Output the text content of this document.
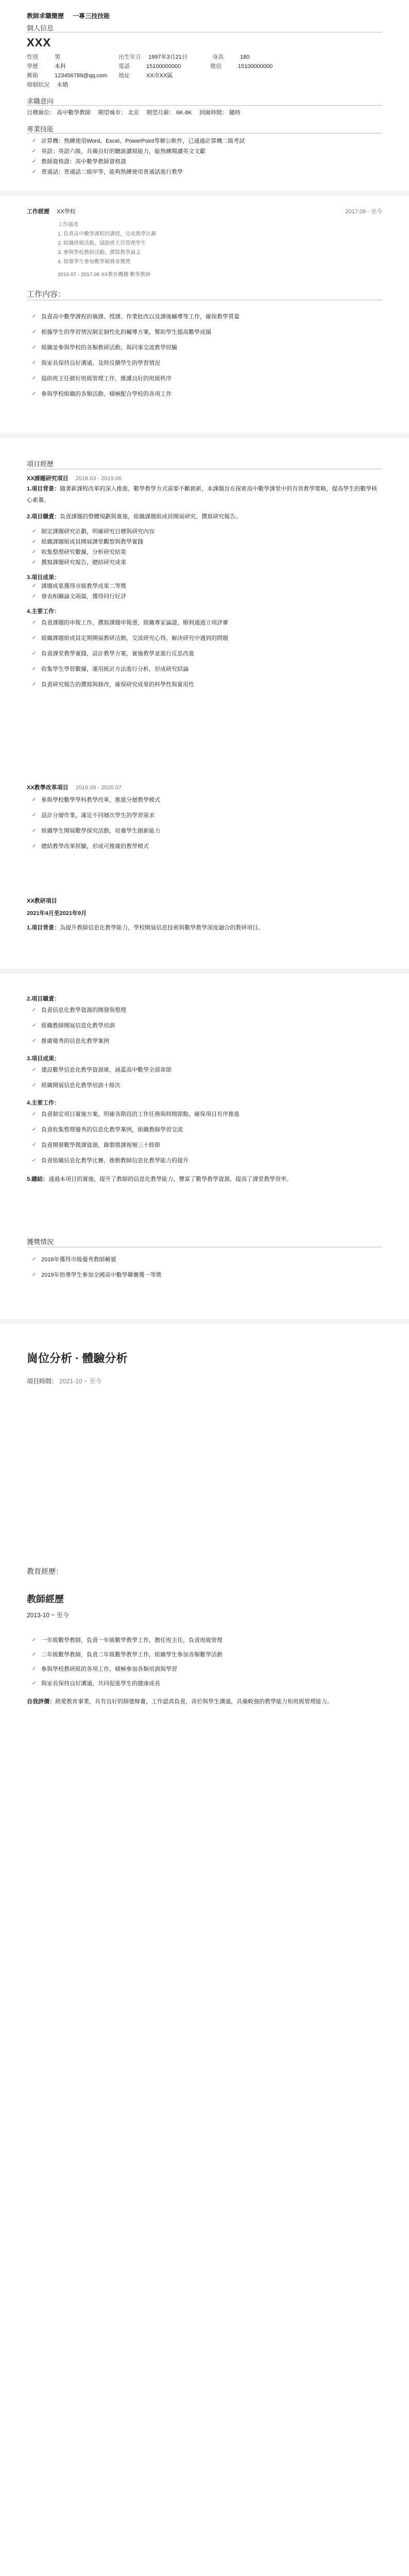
教師求職簡歷 一專三技技能
個人信息
XXX
性別	男	出生年月 1997年3月21日	身高	180
學歷	本科	電話	15100000000	微信	15100000000
郵箱	123456789@qq.com	地址	XX市XX區
婚姻狀況 未婚
求職意向
目標崗位： 高中數學教師 期望城市： 北京 期望月薪： 6K-8K 到崗時間： 隨時
專業技能
✓ 計算機：熟練使用Word、Excel、PowerPoint等辦公軟件，已通過計算機二級考試
✓ 英語：英語六級，具備良好的聽說讀寫能力，能熟練閱讀英文文獻
✓ 教師資格證：高中數學教師資格證
✓ 普通話：普通話二級甲等，能夠熟練使用普通話進行教學
工作經歷 XX學校	2017.09 - 至今
工作描述
1. 負責高中數學課程的講授，完成教學計劃
2. 組織班級活動，協助班主任管理學生
3. 參與學校教研活動，撰寫教學論文
4. 指導學生參加數學競賽並獲獎
2016.07 - 2017.08 XX教育機構 數學教師
工作内容：
✓ 負責高中數學課程的備課、授課、作業批改以及課後輔導等工作，確保教學質量
✓ 根據學生的學習情況制定個性化的輔導方案，幫助學生提高數學成績
✓ 組織並參與學校的各類教研活動，與同事交流教學經驗
✓ 與家長保持良好溝通，及時反饋學生的學習情況
✓ 協助班主任做好班級管理工作，維護良好的班級秩序
✓ 參與學校組織的各類活動，積極配合學校的各項工作
項目經歷
XX課題研究項目 2018.03 - 2019.06
1.項目背景：隨著新課程改革的深入推進，數學教學方式需要不斷創新，本課題旨在探索高中數學課堂中的有效教學策略，提高學生的數學核心素養。
2.項目職責：負責課題的整體規劃與實施，組織課題組成員開展研究，撰寫研究報告。
✓ 制定課題研究計劃，明確研究目標與研究內容
✓ 組織課題組成員開展課堂觀察與教學實踐
✓ 收集整理研究數據，分析研究結果
✓ 撰寫課題研究報告，總結研究成果
3.項目成果：
✓ 課題成果獲得市級教學成果二等獎
✓ 發表相關論文兩篇，獲得同行好評
4.主要工作：
✓ 負責課題的申報工作，撰寫課題申報書，組織專家論證，順利通過立項評審
✓ 組織課題組成員定期開展教研活動，交流研究心得，解決研究中遇到的問題
✓ 負責課堂教學實踐，設計教學方案，實施教學並進行反思改進
✓ 收集學生學習數據，運用統計方法進行分析，形成研究結論
✓ 負責研究報告的撰寫與修改，確保研究成果的科學性與實用性
XX教學改革項目 2019.09 - 2020.07
✓ 參與學校數學學科教學改革，推進分層教學模式
✓ 設計分層作業，滿足不同層次學生的學習需求
✓ 組織學生開展數學探究活動，培養學生創新能力
✓ 總結教學改革經驗，形成可推廣的教學模式
XX教研項目
2021年4月至2021年9月
1.項目背景：為提升教師信息化教學能力，學校開展信息技術與數學教學深度融合的教研項目。
2.項目職責：
✓ 負責信息化教學資源的開發與整理
✓ 組織教師開展信息化教學培訓
✓ 推廣優秀的信息化教學案例
3.項目成果：
✓ 建設數學信息化教學資源庫，涵蓋高中數學全部章節
✓ 組織開展信息化教學培訓十餘次
4.主要工作：
✓ 負責制定項目實施方案，明確各階段的工作任務與時間節點，確保項目有序推進
✓ 負責收集整理優秀的信息化教學案例，組織教師學習交流
✓ 負責開發數學微課資源，錄製微課視頻三十餘節
✓ 負責組織信息化教學比賽，推動教師信息化教學能力的提升
5.總結：通過本項目的實施，提升了教師的信息化教學能力，豐富了數學教學資源，提高了課堂教學效率。
獲獎情況
✓ 2018年獲得市級優秀教師稱號
✓ 2019年指導學生參加全國高中數學聯賽獲一等獎
崗位分析 · 體驗分析
項目時間： 2021-10 ~ 至今
教育經歷：
教師經歷
2013-10 ~ 至今
✓ 一年級數學教師，負責一年級數學教學工作，擔任班主任，負責班級管理
✓ 二年級數學教師，負責二年級數學教學工作，組織學生參加各類數學活動
✓ 參與學校教研組的各項工作，積極參加各類培訓與學習
✓ 與家長保持良好溝通，共同促進學生的健康成長
自我評價：熱愛教育事業，具有良好的師德修養，工作認真負責，善於與學生溝通，具備較強的教學能力和班級管理能力。
